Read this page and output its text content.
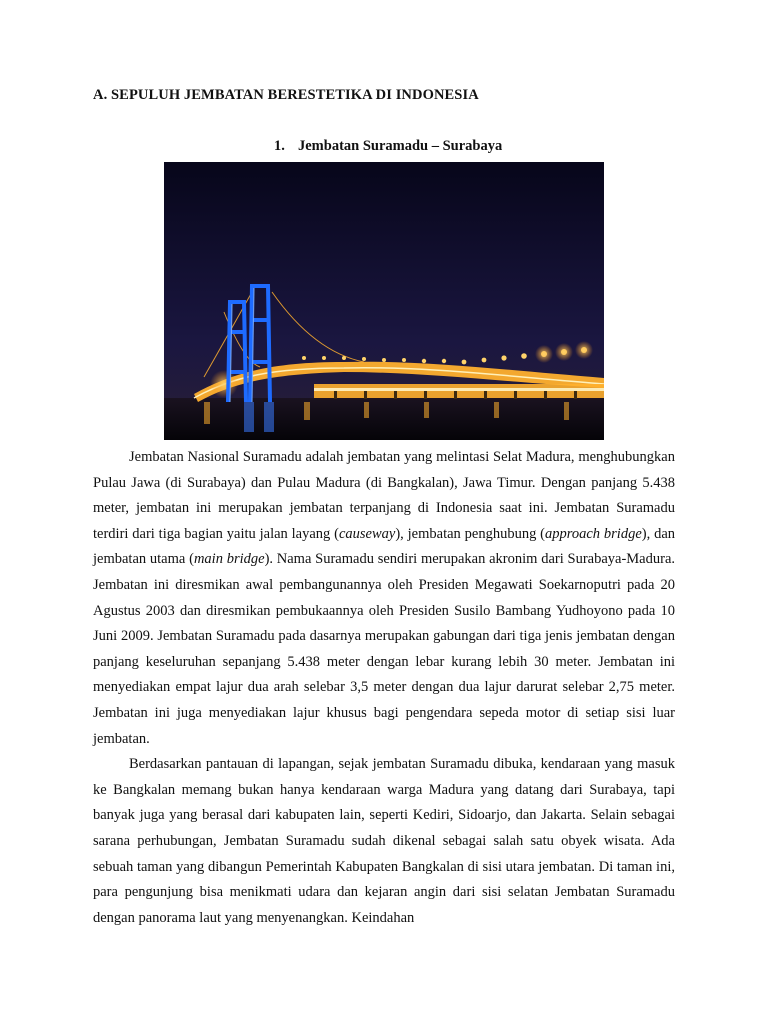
A. SEPULUH JEMBATAN BERESTETIKA DI INDONESIA
1. Jembatan Suramadu – Surabaya

Jembatan Nasional Suramadu adalah jembatan yang melintasi Selat Madura, menghubungkan Pulau Jawa (di Surabaya) dan Pulau Madura (di Bangkalan), Jawa Timur. Dengan panjang 5.438 meter, jembatan ini merupakan jembatan terpanjang di Indonesia saat ini. Jembatan Suramadu terdiri dari tiga bagian yaitu jalan layang (causeway), jembatan penghubung (approach bridge), dan jembatan utama (main bridge). Nama Suramadu sendiri merupakan akronim dari Surabaya-Madura. Jembatan ini diresmikan awal pembangunannya oleh Presiden Megawati Soekarnoputri pada 20 Agustus 2003 dan diresmikan pembukaannya oleh Presiden Susilo Bambang Yudhoyono pada 10 Juni 2009. Jembatan Suramadu pada dasarnya merupakan gabungan dari tiga jenis jembatan dengan panjang keseluruhan sepanjang 5.438 meter dengan lebar kurang lebih 30 meter. Jembatan ini menyediakan empat lajur dua arah selebar 3,5 meter dengan dua lajur darurat selebar 2,75 meter. Jembatan ini juga menyediakan lajur khusus bagi pengendara sepeda motor di setiap sisi luar jembatan.

Berdasarkan pantauan di lapangan, sejak jembatan Suramadu dibuka, kendaraan yang masuk ke Bangkalan memang bukan hanya kendaraan warga Madura yang datang dari Surabaya, tapi banyak juga yang berasal dari kabupaten lain, seperti Kediri, Sidoarjo, dan Jakarta. Selain sebagai sarana perhubungan, Jembatan Suramadu sudah dikenal sebagai salah satu obyek wisata. Ada sebuah taman yang dibangun Pemerintah Kabupaten Bangkalan di sisi utara jembatan. Di taman ini, para pengunjung bisa menikmati udara dan kejaran angin dari sisi selatan Jembatan Suramadu dengan panorama laut yang menyenangkan. Keindahan
